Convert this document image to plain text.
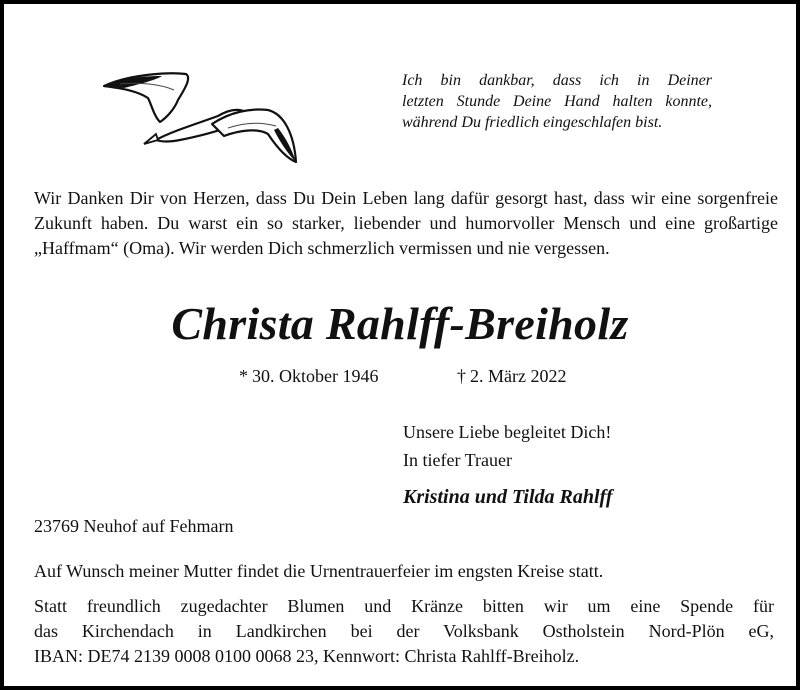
Ich bin dankbar, dass ich in Deiner
letzten Stunde Deine Hand halten konnte,
während Du friedlich eingeschlafen bist.

Wir Danken Dir von Herzen, dass Du Dein Leben lang dafür gesorgt hast, dass wir eine sorgenfreie Zukunft haben. Du warst ein so starker, liebender und humorvoller Mensch und eine großartige „Haffmam“ (Oma). Wir werden Dich schmerzlich vermissen und nie vergessen.

Christa Rahlff-Breiholz
* 30. Oktober 1946	† 2. März 2022
Unsere Liebe begleitet Dich!
In tiefer Trauer
Kristina und Tilda Rahlff
23769 Neuhof auf Fehmarn
Auf Wunsch meiner Mutter findet die Urnentrauerfeier im engsten Kreise statt.
Statt freundlich zugedachter Blumen und Kränze bitten wir um eine Spende für
das Kirchendach in Landkirchen bei der Volksbank Ostholstein Nord-Plön eG,
IBAN: DE74 2139 0008 0100 0068 23, Kennwort: Christa Rahlff-Breiholz.
